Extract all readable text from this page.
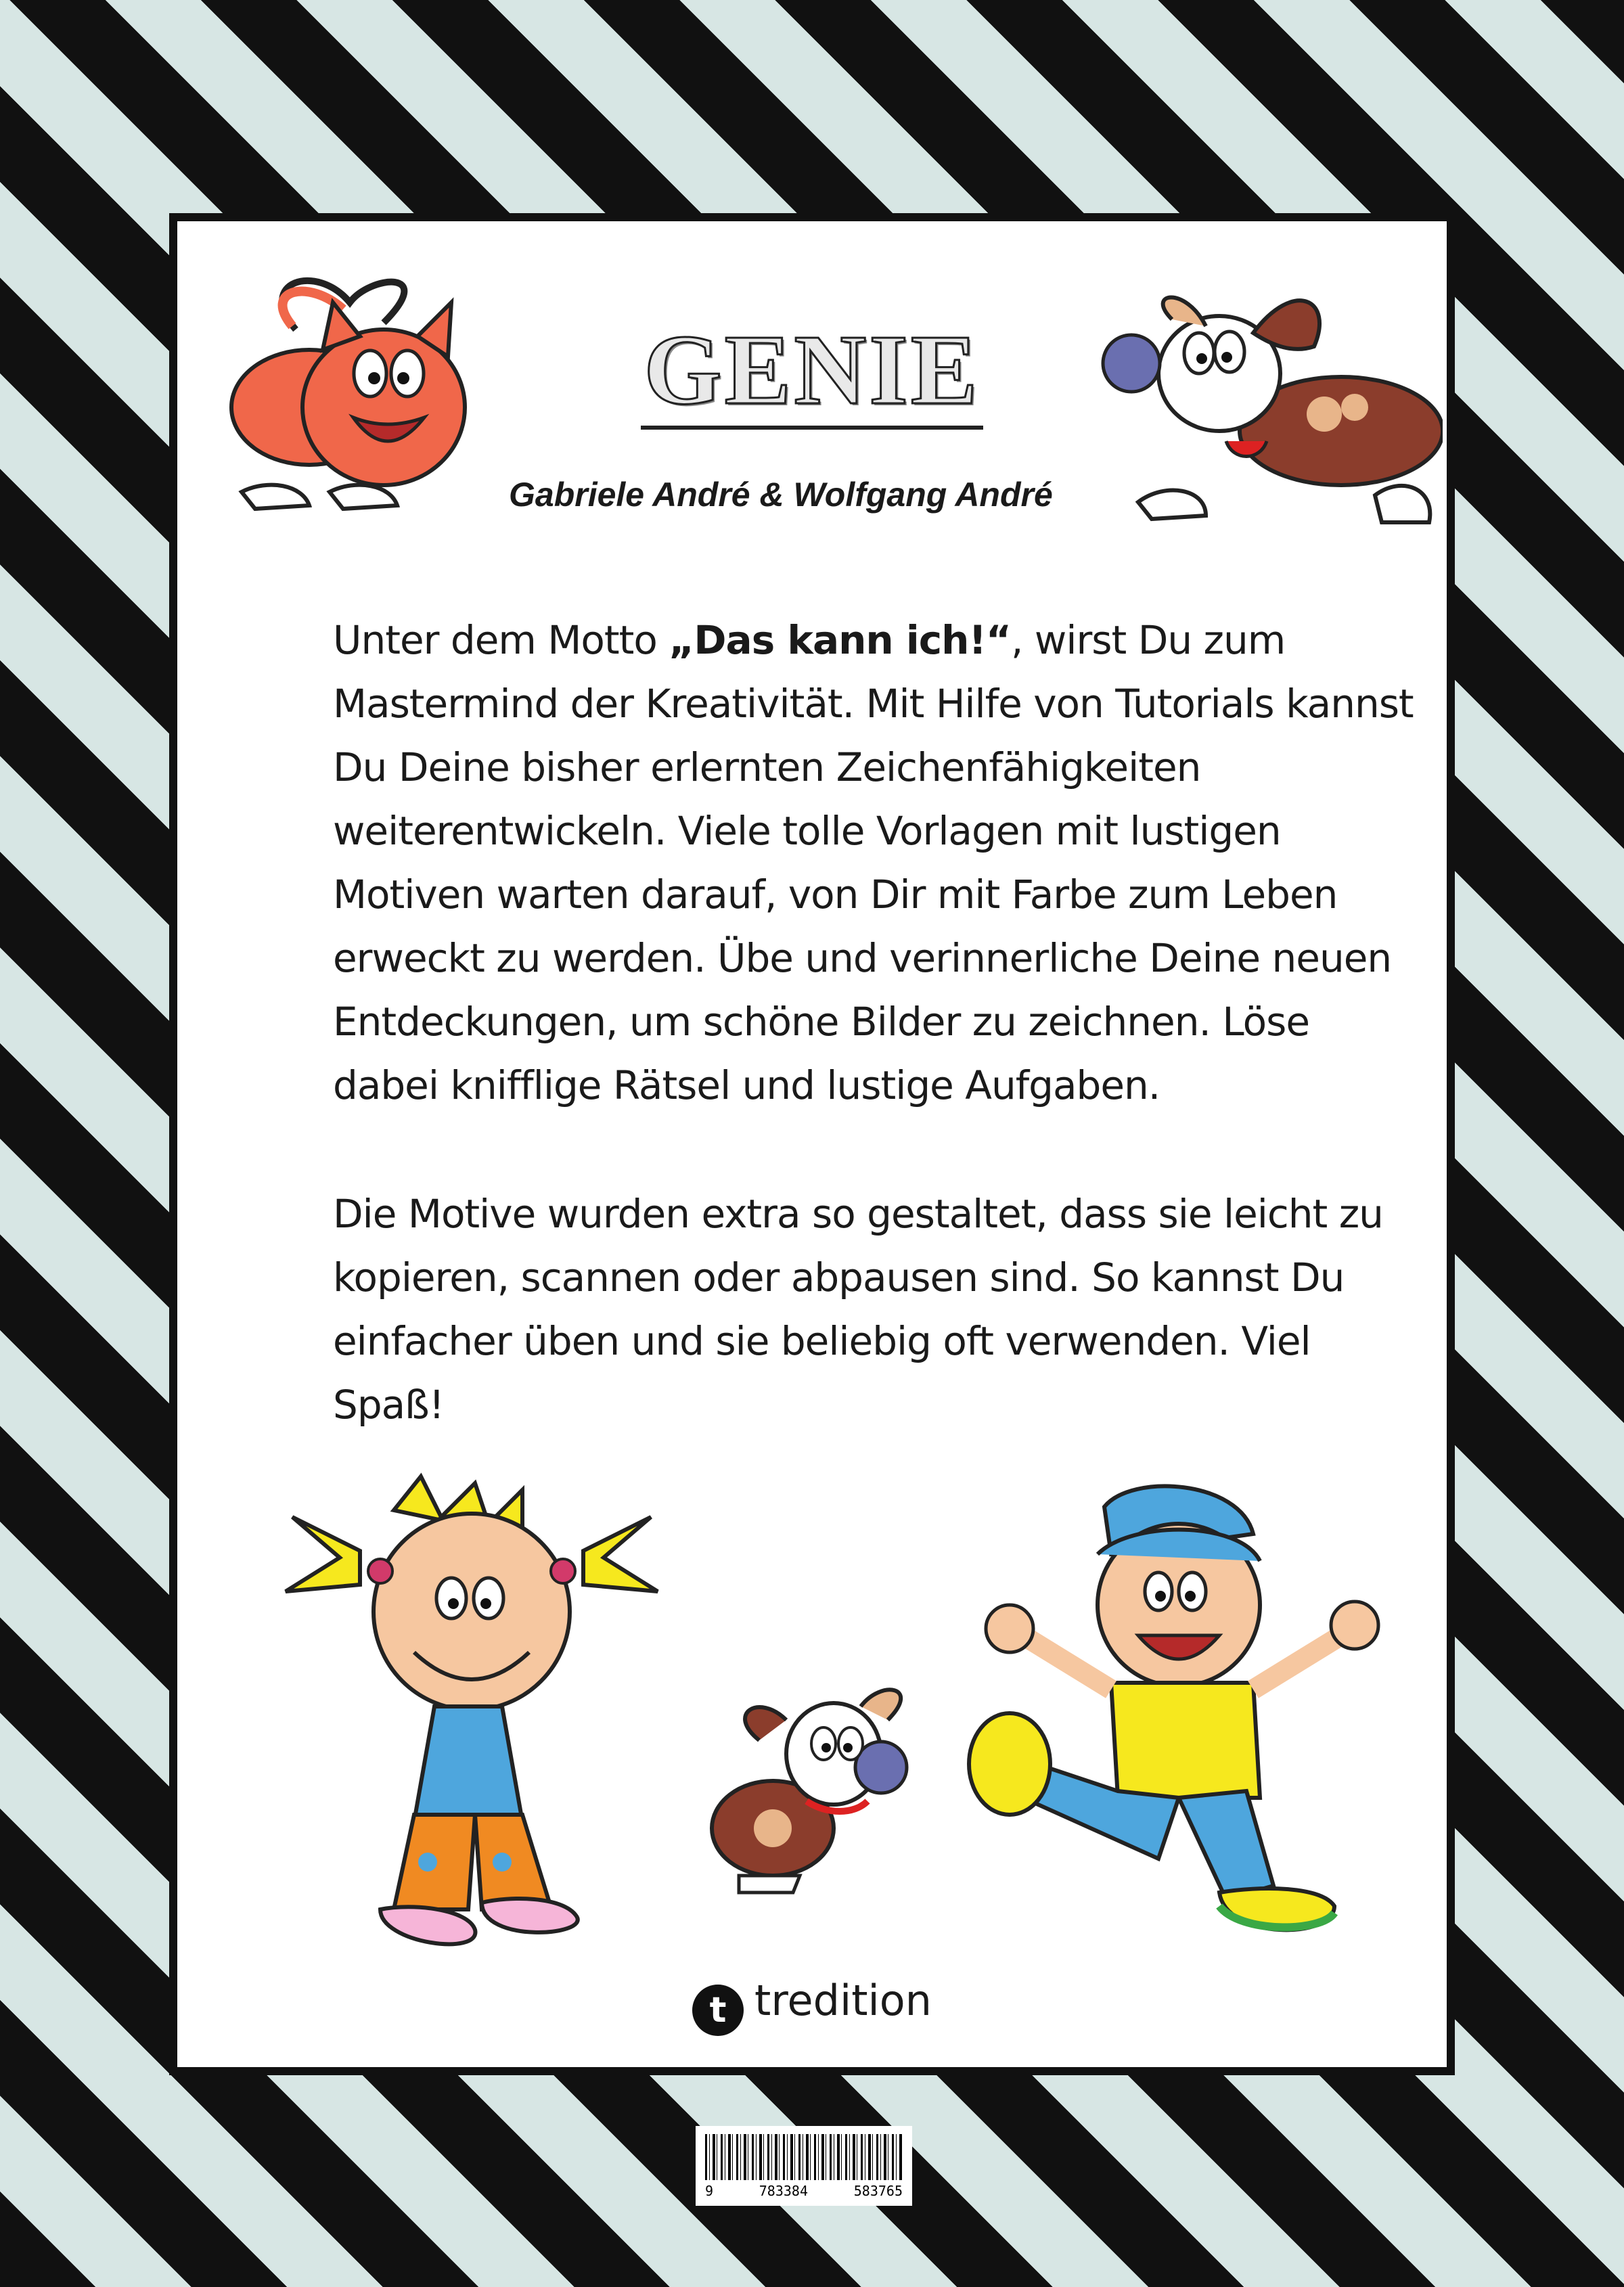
GENIE
Gabriele André & Wolfgang André

Unter dem Motto „Das kann ich!“, wirst Du zum Mastermind der Kreativität. Mit Hilfe von Tutorials kannst Du Deine bisher erlernten Zeichenfähigkeiten weiterentwickeln. Viele tolle Vorlagen mit lustigen Motiven warten darauf, von Dir mit Farbe zum Leben erweckt zu werden. Übe und verinnerliche Deine neuen Entdeckungen, um schöne Bilder zu zeichnen. Löse dabei knifflige Rätsel und lustige Aufgaben.

Die Motive wurden extra so gestaltet, dass sie leicht zu kopieren, scannen oder abpausen sind. So kannst Du einfacher üben und sie beliebig oft verwenden. Viel Spaß!

t tredition
9	783384	583765
